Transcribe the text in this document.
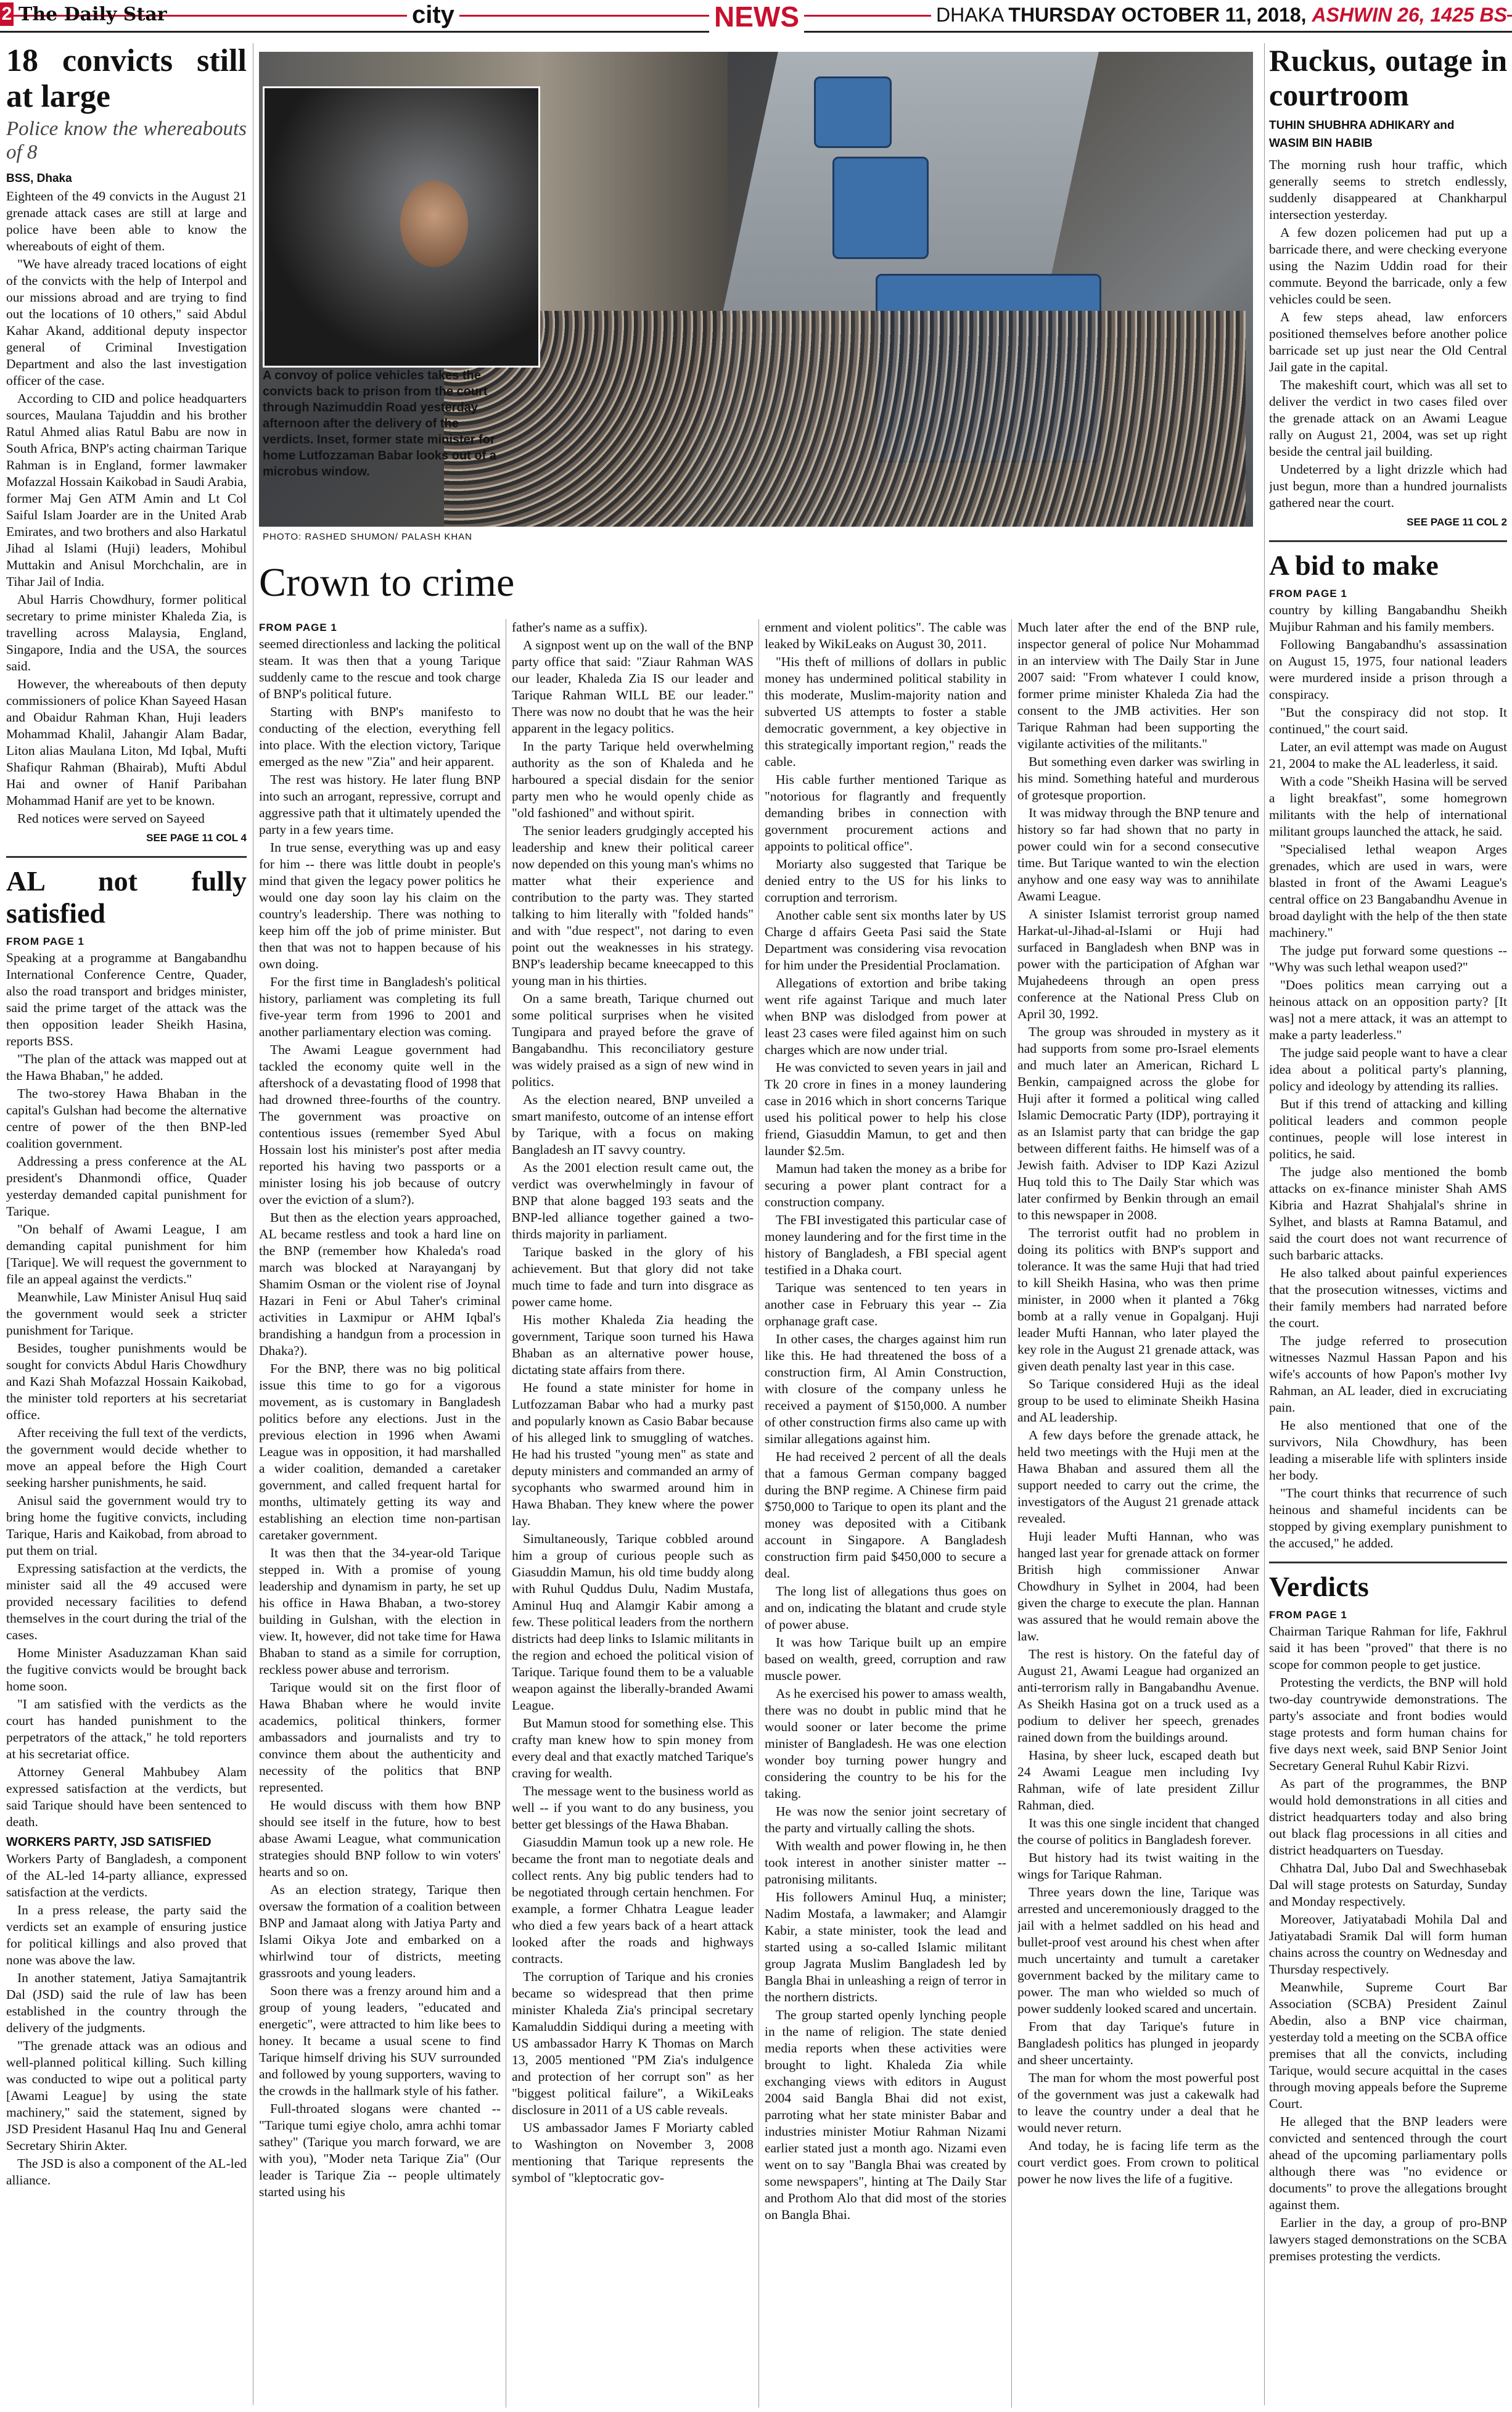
2 The Daily Star	city	NEWS	DHAKA THURSDAY OCTOBER 11, 2018, ASHWIN 26, 1425 BS
18 convicts still at large
Police know the whereabouts of 8
BSS, Dhaka

Eighteen of the 49 convicts in the August 21 grenade attack cases are still at large and police have been able to know the whereabouts of eight of them.

"We have already traced locations of eight of the convicts with the help of Interpol and our missions abroad and are trying to find out the locations of 10 others," said Abdul Kahar Akand, additional deputy inspector general of Criminal Investigation Department and also the last investigation officer of the case.

According to CID and police headquarters sources, Maulana Tajuddin and his brother Ratul Ahmed alias Ratul Babu are now in South Africa, BNP's acting chairman Tarique Rahman is in England, former lawmaker Mofazzal Hossain Kaikobad in Saudi Arabia, former Maj Gen ATM Amin and Lt Col Saiful Islam Joarder are in the United Arab Emirates, and two brothers and also Harkatul Jihad al Islami (Huji) leaders, Mohibul Muttakin and Anisul Morchchalin, are in Tihar Jail of India.

Abul Harris Chowdhury, former political secretary to prime minister Khaleda Zia, is travelling across Malaysia, England, Singapore, India and the USA, the sources said.

However, the whereabouts of then deputy commissioners of police Khan Sayeed Hasan and Obaidur Rahman Khan, Huji leaders Mohammad Khalil, Jahangir Alam Badar, Liton alias Maulana Liton, Md Iqbal, Mufti Shafiqur Rahman (Bhairab), Mufti Abdul Hai and owner of Hanif Paribahan Mohammad Hanif are yet to be known.

Red notices were served on Sayeed

SEE PAGE 11 COL 4
AL not fully satisfied
FROM PAGE 1

Speaking at a programme at Bangabandhu International Conference Centre, Quader, also the road transport and bridges minister, said the prime target of the attack was the then opposition leader Sheikh Hasina, reports BSS.

"The plan of the attack was mapped out at the Hawa Bhaban," he added.

The two-storey Hawa Bhaban in the capital's Gulshan had become the alternative centre of power of the then BNP-led coalition government.

Addressing a press conference at the AL president's Dhanmondi office, Quader yesterday demanded capital punishment for Tarique.

"On behalf of Awami League, I am demanding capital punishment for him [Tarique]. We will request the government to file an appeal against the verdicts."

Meanwhile, Law Minister Anisul Huq said the government would seek a stricter punishment for Tarique.

Besides, tougher punishments would be sought for convicts Abdul Haris Chowdhury and Kazi Shah Mofazzal Hossain Kaikobad, the minister told reporters at his secretariat office.

After receiving the full text of the verdicts, the government would decide whether to move an appeal before the High Court seeking harsher punishments, he said.

Anisul said the government would try to bring home the fugitive convicts, including Tarique, Haris and Kaikobad, from abroad to put them on trial.

Expressing satisfaction at the verdicts, the minister said all the 49 accused were provided necessary facilities to defend themselves in the court during the trial of the cases.

Home Minister Asaduzzaman Khan said the fugitive convicts would be brought back home soon.

"I am satisfied with the verdicts as the court has handed punishment to the perpetrators of the attack," he told reporters at his secretariat office.

Attorney General Mahbubey Alam expressed satisfaction at the verdicts, but said Tarique should have been sentenced to death.

WORKERS PARTY, JSD SATISFIED

Workers Party of Bangladesh, a component of the AL-led 14-party alliance, expressed satisfaction at the verdicts.

In a press release, the party said the verdicts set an example of ensuring justice for political killings and also proved that none was above the law.

In another statement, Jatiya Samajtantrik Dal (JSD) said the rule of law has been established in the country through the delivery of the judgments.

"The grenade attack was an odious and well-planned political killing. Such killing was conducted to wipe out a political party [Awami League] by using the state machinery," said the statement, signed by JSD President Hasanul Haq Inu and General Secretary Shirin Akter.

The JSD is also a component of the AL-led alliance.

A convoy of police vehicles takes the convicts back to prison from the court through Nazimuddin Road yesterday afternoon after the delivery of the verdicts. Inset, former state minister for home Lutfozzaman Babar looks out of a microbus window.
PHOTO: RASHED SHUMON/ PALASH KHAN
Crown to crime
FROM PAGE 1

seemed directionless and lacking the political steam. It was then that a young Tarique suddenly came to the rescue and took charge of BNP's political future.

Starting with BNP's manifesto to conducting of the election, everything fell into place. With the election victory, Tarique emerged as the new "Zia" and heir apparent.

The rest was history. He later flung BNP into such an arrogant, repressive, corrupt and aggressive path that it ultimately upended the party in a few years time.

In true sense, everything was up and easy for him -- there was little doubt in people's mind that given the legacy power politics he would one day soon lay his claim on the country's leadership. There was nothing to keep him off the job of prime minister. But then that was not to happen because of his own doing.

For the first time in Bangladesh's political history, parliament was completing its full five-year term from 1996 to 2001 and another parliamentary election was coming.

The Awami League government had tackled the economy quite well in the aftershock of a devastating flood of 1998 that had drowned three-fourths of the country. The government was proactive on contentious issues (remember Syed Abul Hossain lost his minister's post after media reported his having two passports or a minister losing his job because of outcry over the eviction of a slum?).

But then as the election years approached, AL became restless and took a hard line on the BNP (remember how Khaleda's road march was blocked at Narayanganj by Shamim Osman or the violent rise of Joynal Hazari in Feni or Abul Taher's criminal activities in Laxmipur or AHM Iqbal's brandishing a handgun from a procession in Dhaka?).

For the BNP, there was no big political issue this time to go for a vigorous movement, as is customary in Bangladesh politics before any elections. Just in the previous election in 1996 when Awami League was in opposition, it had marshalled a wider coalition, demanded a caretaker government, and called frequent hartal for months, ultimately getting its way and establishing an election time non-partisan caretaker government.

It was then that the 34-year-old Tarique stepped in. With a promise of young leadership and dynamism in party, he set up his office in Hawa Bhaban, a two-storey building in Gulshan, with the election in view. It, however, did not take time for Hawa Bhaban to stand as a simile for corruption, reckless power abuse and terrorism.

Tarique would sit on the first floor of Hawa Bhaban where he would invite academics, political thinkers, former ambassadors and journalists and try to convince them about the authenticity and necessity of the politics that BNP represented.

He would discuss with them how BNP should see itself in the future, how to best abase Awami League, what communication strategies should BNP follow to win voters' hearts and so on.

As an election strategy, Tarique then oversaw the formation of a coalition between BNP and Jamaat along with Jatiya Party and Islami Oikya Jote and embarked on a whirlwind tour of districts, meeting grassroots and young leaders.

Soon there was a frenzy around him and a group of young leaders, "educated and energetic", were attracted to him like bees to honey. It became a usual scene to find Tarique himself driving his SUV surrounded and followed by young supporters, waving to the crowds in the hallmark style of his father.

Full-throated slogans were chanted -- "Tarique tumi egiye cholo, amra achhi tomar sathey" (Tarique you march forward, we are with you), "Moder neta Tarique Zia" (Our leader is Tarique Zia -- people ultimately started using his

father's name as a suffix).

A signpost went up on the wall of the BNP party office that said: "Ziaur Rahman WAS our leader, Khaleda Zia IS our leader and Tarique Rahman WILL BE our leader." There was now no doubt that he was the heir apparent in the legacy politics.

In the party Tarique held overwhelming authority as the son of Khaleda and he harboured a special disdain for the senior party men who he would openly chide as "old fashioned" and without spirit.

The senior leaders grudgingly accepted his leadership and knew their political career now depended on this young man's whims no matter what their experience and contribution to the party was. They started talking to him literally with "folded hands" and with "due respect", not daring to even point out the weaknesses in his strategy. BNP's leadership became kneecapped to this young man in his thirties.

On a same breath, Tarique churned out some political surprises when he visited Tungipara and prayed before the grave of Bangabandhu. This reconciliatory gesture was widely praised as a sign of new wind in politics.

As the election neared, BNP unveiled a smart manifesto, outcome of an intense effort by Tarique, with a focus on making Bangladesh an IT savvy country.

As the 2001 election result came out, the verdict was overwhelmingly in favour of BNP that alone bagged 193 seats and the BNP-led alliance together gained a two-thirds majority in parliament.

Tarique basked in the glory of his achievement. But that glory did not take much time to fade and turn into disgrace as power came home.

His mother Khaleda Zia heading the government, Tarique soon turned his Hawa Bhaban as an alternative power house, dictating state affairs from there.

He found a state minister for home in Lutfozzaman Babar who had a murky past and popularly known as Casio Babar because of his alleged link to smuggling of watches. He had his trusted "young men" as state and deputy ministers and commanded an army of sycophants who swarmed around him in Hawa Bhaban. They knew where the power lay.

Simultaneously, Tarique cobbled around him a group of curious people such as Giasuddin Mamun, his old time buddy along with Ruhul Quddus Dulu, Nadim Mustafa, Aminul Huq and Alamgir Kabir among a few. These political leaders from the northern districts had deep links to Islamic militants in the region and echoed the political vision of Tarique. Tarique found them to be a valuable weapon against the liberally-branded Awami League.

But Mamun stood for something else. This crafty man knew how to spin money from every deal and that exactly matched Tarique's craving for wealth.

The message went to the business world as well -- if you want to do any business, you better get blessings of the Hawa Bhaban.

Giasuddin Mamun took up a new role. He became the front man to negotiate deals and collect rents. Any big public tenders had to be negotiated through certain henchmen. For example, a former Chhatra League leader who died a few years back of a heart attack looked after the roads and highways contracts.

The corruption of Tarique and his cronies became so widespread that then prime minister Khaleda Zia's principal secretary Kamaluddin Siddiqui during a meeting with US ambassador Harry K Thomas on March 13, 2005 mentioned "PM Zia's indulgence and protection of her corrupt son" as her "biggest political failure", a WikiLeaks disclosure in 2011 of a US cable reveals.

US ambassador James F Moriarty cabled to Washington on November 3, 2008 mentioning that Tarique represents the symbol of "kleptocratic gov-

ernment and violent politics". The cable was leaked by WikiLeaks on August 30, 2011.

"His theft of millions of dollars in public money has undermined political stability in this moderate, Muslim-majority nation and subverted US attempts to foster a stable democratic government, a key objective in this strategically important region," reads the cable.

His cable further mentioned Tarique as "notorious for flagrantly and frequently demanding bribes in connection with government procurement actions and appoints to political office".

Moriarty also suggested that Tarique be denied entry to the US for his links to corruption and terrorism.

Another cable sent six months later by US Charge d affairs Geeta Pasi said the State Department was considering visa revocation for him under the Presidential Proclamation.

Allegations of extortion and bribe taking went rife against Tarique and much later when BNP was dislodged from power at least 23 cases were filed against him on such charges which are now under trial.

He was convicted to seven years in jail and Tk 20 crore in fines in a money laundering case in 2016 which in short concerns Tarique used his political power to help his close friend, Giasuddin Mamun, to get and then launder $2.5m.

Mamun had taken the money as a bribe for securing a power plant contract for a construction company.

The FBI investigated this particular case of money laundering and for the first time in the history of Bangladesh, a FBI special agent testified in a Dhaka court.

Tarique was sentenced to ten years in another case in February this year -- Zia orphanage graft case.

In other cases, the charges against him run like this. He had threatened the boss of a construction firm, Al Amin Construction, with closure of the company unless he received a payment of $150,000. A number of other construction firms also came up with similar allegations against him.

He had received 2 percent of all the deals that a famous German company bagged during the BNP regime. A Chinese firm paid $750,000 to Tarique to open its plant and the money was deposited with a Citibank account in Singapore. A Bangladesh construction firm paid $450,000 to secure a deal.

The long list of allegations thus goes on and on, indicating the blatant and crude style of power abuse.

It was how Tarique built up an empire based on wealth, greed, corruption and raw muscle power.

As he exercised his power to amass wealth, there was no doubt in public mind that he would sooner or later become the prime minister of Bangladesh. He was one election wonder boy turning power hungry and considering the country to be his for the taking.

He was now the senior joint secretary of the party and virtually calling the shots.

With wealth and power flowing in, he then took interest in another sinister matter -- patronising militants.

His followers Aminul Huq, a minister; Nadim Mostafa, a lawmaker; and Alamgir Kabir, a state minister, took the lead and started using a so-called Islamic militant group Jagrata Muslim Bangladesh led by Bangla Bhai in unleashing a reign of terror in the northern districts.

The group started openly lynching people in the name of religion. The state denied media reports when these activities were brought to light. Khaleda Zia while exchanging views with editors in August 2004 said Bangla Bhai did not exist, parroting what her state minister Babar and industries minister Motiur Rahman Nizami earlier stated just a month ago. Nizami even went on to say "Bangla Bhai was created by some newspapers", hinting at The Daily Star and Prothom Alo that did most of the stories on Bangla Bhai.

Much later after the end of the BNP rule, inspector general of police Nur Mohammad in an interview with The Daily Star in June 2007 said: "From whatever I could know, former prime minister Khaleda Zia had the consent to the JMB activities. Her son Tarique Rahman had been supporting the vigilante activities of the militants."

But something even darker was swirling in his mind. Something hateful and murderous of grotesque proportion.

It was midway through the BNP tenure and history so far had shown that no party in power could win for a second consecutive time. But Tarique wanted to win the election anyhow and one easy way was to annihilate Awami League.

A sinister Islamist terrorist group named Harkat-ul-Jihad-al-Islami or Huji had surfaced in Bangladesh when BNP was in power with the participation of Afghan war Mujahedeens through an open press conference at the National Press Club on April 30, 1992.

The group was shrouded in mystery as it had supports from some pro-Israel elements and much later an American, Richard L Benkin, campaigned across the globe for Huji after it formed a political wing called Islamic Democratic Party (IDP), portraying it as an Islamist party that can bridge the gap between different faiths. He himself was of a Jewish faith. Adviser to IDP Kazi Azizul Huq told this to The Daily Star which was later confirmed by Benkin through an email to this newspaper in 2008.

The terrorist outfit had no problem in doing its politics with BNP's support and tolerance. It was the same Huji that had tried to kill Sheikh Hasina, who was then prime minister, in 2000 when it planted a 76kg bomb at a rally venue in Gopalganj. Huji leader Mufti Hannan, who later played the key role in the August 21 grenade attack, was given death penalty last year in this case.

So Tarique considered Huji as the ideal group to be used to eliminate Sheikh Hasina and AL leadership.

A few days before the grenade attack, he held two meetings with the Huji men at the Hawa Bhaban and assured them all the support needed to carry out the crime, the investigators of the August 21 grenade attack revealed.

Huji leader Mufti Hannan, who was hanged last year for grenade attack on former British high commissioner Anwar Chowdhury in Sylhet in 2004, had been given the charge to execute the plan. Hannan was assured that he would remain above the law.

The rest is history. On the fateful day of August 21, Awami League had organized an anti-terrorism rally in Bangabandhu Avenue. As Sheikh Hasina got on a truck used as a podium to deliver her speech, grenades rained down from the buildings around.

Hasina, by sheer luck, escaped death but 24 Awami League men including Ivy Rahman, wife of late president Zillur Rahman, died.

It was this one single incident that changed the course of politics in Bangladesh forever.

But history had its twist waiting in the wings for Tarique Rahman.

Three years down the line, Tarique was arrested and unceremoniously dragged to the jail with a helmet saddled on his head and bullet-proof vest around his chest when after much uncertainty and tumult a caretaker government backed by the military came to power. The man who wielded so much of power suddenly looked scared and uncertain.

From that day Tarique's future in Bangladesh politics has plunged in jeopardy and sheer uncertainty.

The man for whom the most powerful post of the government was just a cakewalk had to leave the country under a deal that he would never return.

And today, he is facing life term as the court verdict goes. From crown to political power he now lives the life of a fugitive.

Ruckus, outage in courtroom
TUHIN SHUBHRA ADHIKARY and
WASIM BIN HABIB

The morning rush hour traffic, which generally seems to stretch endlessly, suddenly disappeared at Chankharpul intersection yesterday.

A few dozen policemen had put up a barricade there, and were checking everyone using the Nazim Uddin road for their commute. Beyond the barricade, only a few vehicles could be seen.

A few steps ahead, law enforcers positioned themselves before another police barricade set up just near the Old Central Jail gate in the capital.

The makeshift court, which was all set to deliver the verdict in two cases filed over the grenade attack on an Awami League rally on August 21, 2004, was set up right beside the central jail building.

Undeterred by a light drizzle which had just begun, more than a hundred journalists gathered near the court.

SEE PAGE 11 COL 2
A bid to make
FROM PAGE 1

country by killing Bangabandhu Sheikh Mujibur Rahman and his family members.

Following Bangabandhu's assassination on August 15, 1975, four national leaders were murdered inside a prison through a conspiracy.

"But the conspiracy did not stop. It continued," the court said.

Later, an evil attempt was made on August 21, 2004 to make the AL leaderless, it said.

With a code "Sheikh Hasina will be served a light breakfast", some homegrown militants with the help of international militant groups launched the attack, he said.

"Specialised lethal weapon Arges grenades, which are used in wars, were blasted in front of the Awami League's central office on 23 Bangabandhu Avenue in broad daylight with the help of the then state machinery."

The judge put forward some questions -- "Why was such lethal weapon used?"

"Does politics mean carrying out a heinous attack on an opposition party? [It was] not a mere attack, it was an attempt to make a party leaderless."

The judge said people want to have a clear idea about a political party's planning, policy and ideology by attending its rallies.

But if this trend of attacking and killing political leaders and common people continues, people will lose interest in politics, he said.

The judge also mentioned the bomb attacks on ex-finance minister Shah AMS Kibria and Hazrat Shahjalal's shrine in Sylhet, and blasts at Ramna Batamul, and said the court does not want recurrence of such barbaric attacks.

He also talked about painful experiences that the prosecution witnesses, victims and their family members had narrated before the court.

The judge referred to prosecution witnesses Nazmul Hassan Papon and his wife's accounts of how Papon's mother Ivy Rahman, an AL leader, died in excruciating pain.

He also mentioned that one of the survivors, Nila Chowdhury, has been leading a miserable life with splinters inside her body.

"The court thinks that recurrence of such heinous and shameful incidents can be stopped by giving exemplary punishment to the accused," he added.

Verdicts
FROM PAGE 1

Chairman Tarique Rahman for life, Fakhrul said it has been "proved" that there is no scope for common people to get justice.

Protesting the verdicts, the BNP will hold two-day countrywide demonstrations. The party's associate and front bodies would stage protests and form human chains for five days next week, said BNP Senior Joint Secretary General Ruhul Kabir Rizvi.

As part of the programmes, the BNP would hold demonstrations in all cities and district headquarters today and also bring out black flag processions in all cities and district headquarters on Tuesday.

Chhatra Dal, Jubo Dal and Swechhasebak Dal will stage protests on Saturday, Sunday and Monday respectively.

Moreover, Jatiyatabadi Mohila Dal and Jatiyatabadi Sramik Dal will form human chains across the country on Wednesday and Thursday respectively.

Meanwhile, Supreme Court Bar Association (SCBA) President Zainul Abedin, also a BNP vice chairman, yesterday told a meeting on the SCBA office premises that all the convicts, including Tarique, would secure acquittal in the cases through moving appeals before the Supreme Court.

He alleged that the BNP leaders were convicted and sentenced through the court ahead of the upcoming parliamentary polls although there was "no evidence or documents" to prove the allegations brought against them.

Earlier in the day, a group of pro-BNP lawyers staged demonstrations on the SCBA premises protesting the verdicts.
